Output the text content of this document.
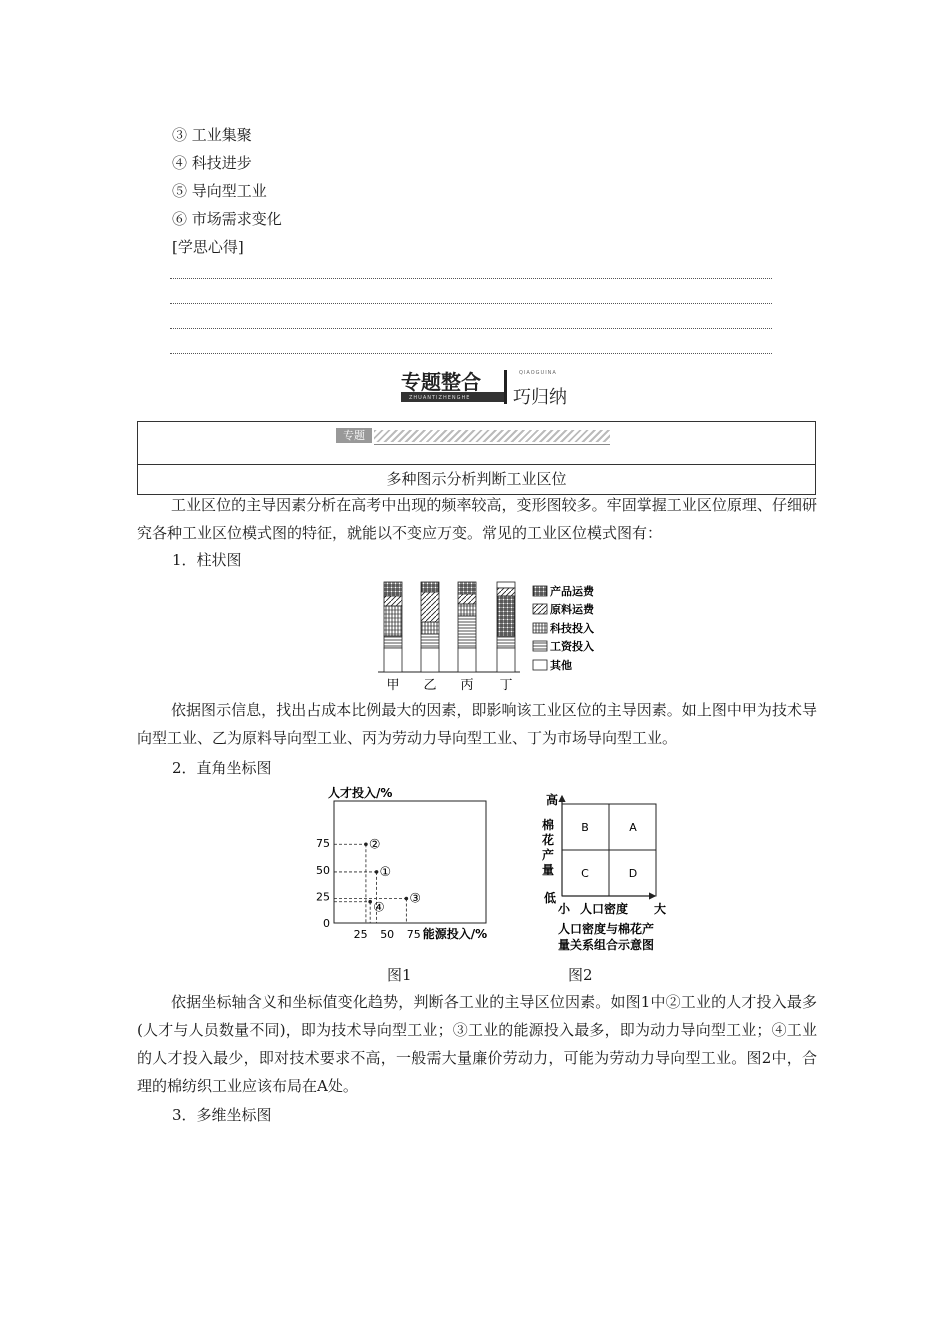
③ 工业集聚
④ 科技进步
⑤ 导向型工业
⑥ 市场需求变化
[学思心得]
专题整合
ZHUANTIZHENGHE
QIAOGUINA
巧归纳
专题
多种图示分析判断工业区位

工业区位的主导因素分析在高考中出现的频率较高，变形图较多。牢固掌握工业区位原理、仔细研究各种工业区位模式图的特征，就能以不变应万变。常见的工业区位模式图有：

1．柱状图
甲 乙 丙 丁
产品运费
原料运费
科技投入
工资投入
其他

依据图示信息，找出占成本比例最大的因素，即影响该工业区位的主导因素。如上图中甲为技术导向型工业、乙为原料导向型工业、丙为劳动力导向型工业、丁为市场导向型工业。

2．直角坐标图
人才投入/%
75
50
25
0
25 50 75
②
①
③
④
能源投入/%
图1
高
棉
花
产
量
低
B	A
C	D
小 人口密度 大
人口密度与棉花产
量关系组合示意图
图2

依据坐标轴含义和坐标值变化趋势，判断各工业的主导区位因素。如图1中②工业的人才投入最多(人才与人员数量不同)，即为技术导向型工业；③工业的能源投入最多，即为动力导向型工业；④工业的人才投入最少，即对技术要求不高，一般需大量廉价劳动力，可能为劳动力导向型工业。图2中，合理的棉纺织工业应该布局在A处。

3．多维坐标图
